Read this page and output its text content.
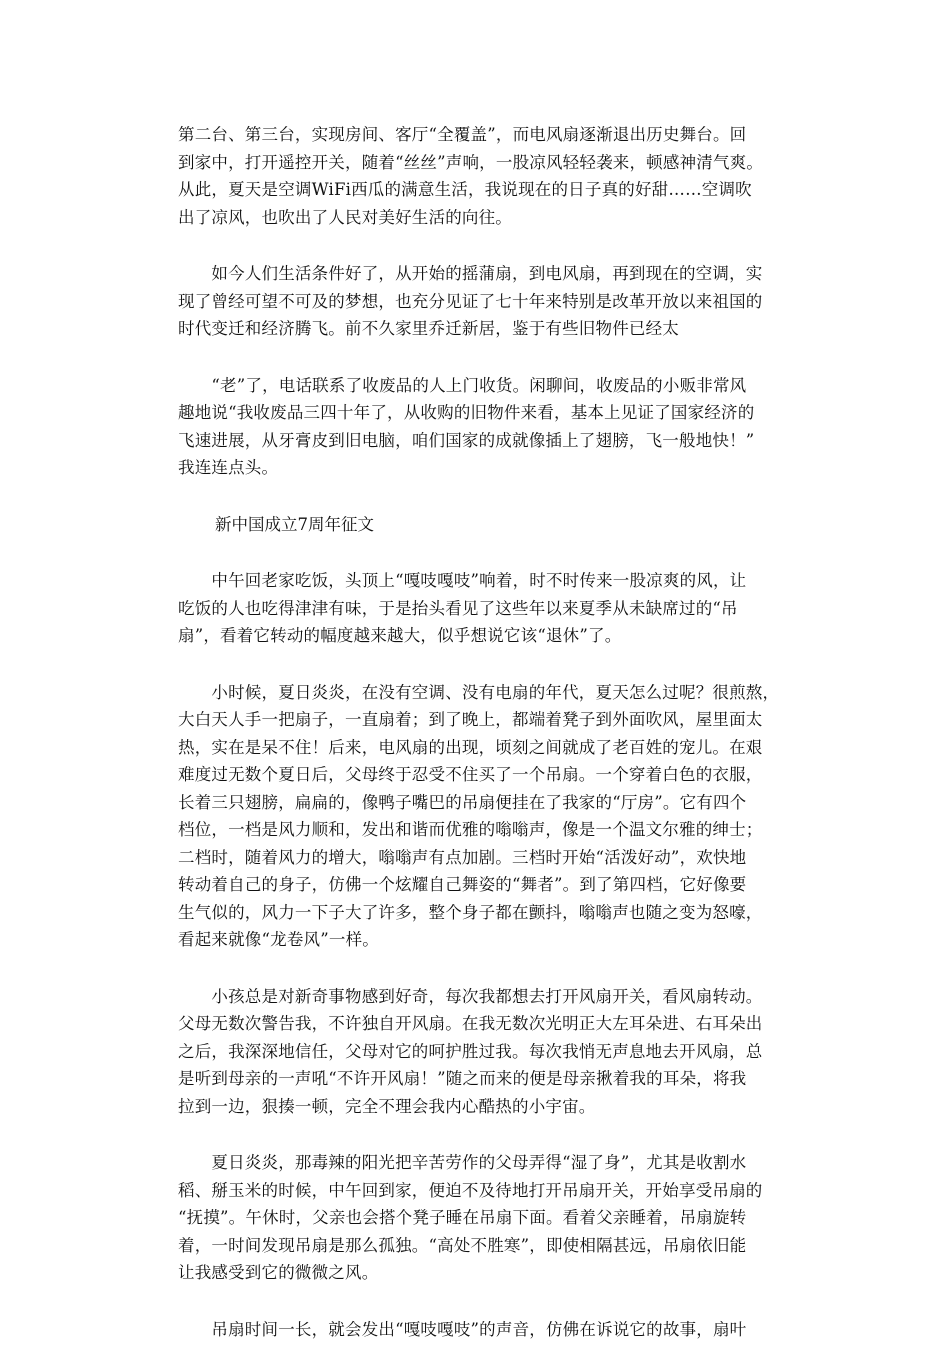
第二台、第三台，实现房间、客厅“全覆盖”，而电风扇逐渐退出历史舞台。回
到家中，打开遥控开关，随着“丝丝”声响，一股凉风轻轻袭来，顿感神清气爽。
从此，夏天是空调WiFi西瓜的满意生活，我说现在的日子真的好甜……空调吹
出了凉风，也吹出了人民对美好生活的向往。

　　如今人们生活条件好了，从开始的摇蒲扇，到电风扇，再到现在的空调，实
现了曾经可望不可及的梦想，也充分见证了七十年来特别是改革开放以来祖国的
时代变迁和经济腾飞。前不久家里乔迁新居，鉴于有些旧物件已经太

　　“老”了，电话联系了收废品的人上门收货。闲聊间，收废品的小贩非常风
趣地说“我收废品三四十年了，从收购的旧物件来看，基本上见证了国家经济的
飞速进展，从牙膏皮到旧电脑，咱们国家的成就像插上了翅膀，飞一般地快！”
我连连点头。

新中国成立7周年征文

　　中午回老家吃饭，头顶上“嘎吱嘎吱”响着，时不时传来一股凉爽的风，让
吃饭的人也吃得津津有味，于是抬头看见了这些年以来夏季从未缺席过的“吊
扇”，看着它转动的幅度越来越大，似乎想说它该“退休”了。

　　小时候，夏日炎炎，在没有空调、没有电扇的年代，夏天怎么过呢？很煎熬，
大白天人手一把扇子，一直扇着；到了晚上，都端着凳子到外面吹风，屋里面太
热，实在是呆不住！后来，电风扇的出现，顷刻之间就成了老百姓的宠儿。在艰
难度过无数个夏日后，父母终于忍受不住买了一个吊扇。一个穿着白色的衣服，
长着三只翅膀，扁扁的，像鸭子嘴巴的吊扇便挂在了我家的“厅房”。它有四个
档位，一档是风力顺和，发出和谐而优雅的嗡嗡声，像是一个温文尔雅的绅士；
二档时，随着风力的增大，嗡嗡声有点加剧。三档时开始“活泼好动”，欢快地
转动着自己的身子，仿佛一个炫耀自己舞姿的“舞者”。到了第四档，它好像要
生气似的，风力一下子大了许多，整个身子都在颤抖，嗡嗡声也随之变为怒嚎，
看起来就像“龙卷风”一样。

　　小孩总是对新奇事物感到好奇，每次我都想去打开风扇开关，看风扇转动。
父母无数次警告我，不许独自开风扇。在我无数次光明正大左耳朵进、右耳朵出
之后，我深深地信任，父母对它的呵护胜过我。每次我悄无声息地去开风扇，总
是听到母亲的一声吼“不许开风扇！”随之而来的便是母亲揪着我的耳朵，将我
拉到一边，狠揍一顿，完全不理会我内心酷热的小宇宙。

　　夏日炎炎，那毒辣的阳光把辛苦劳作的父母弄得“湿了身”，尤其是收割水
稻、掰玉米的时候，中午回到家，便迫不及待地打开吊扇开关，开始享受吊扇的
“抚摸”。午休时，父亲也会搭个凳子睡在吊扇下面。看着父亲睡着，吊扇旋转
着，一时间发现吊扇是那么孤独。“高处不胜寒”，即使相隔甚远，吊扇依旧能
让我感受到它的微微之风。

　　吊扇时间一长，就会发出“嘎吱嘎吱”的声音，仿佛在诉说它的故事，扇叶
